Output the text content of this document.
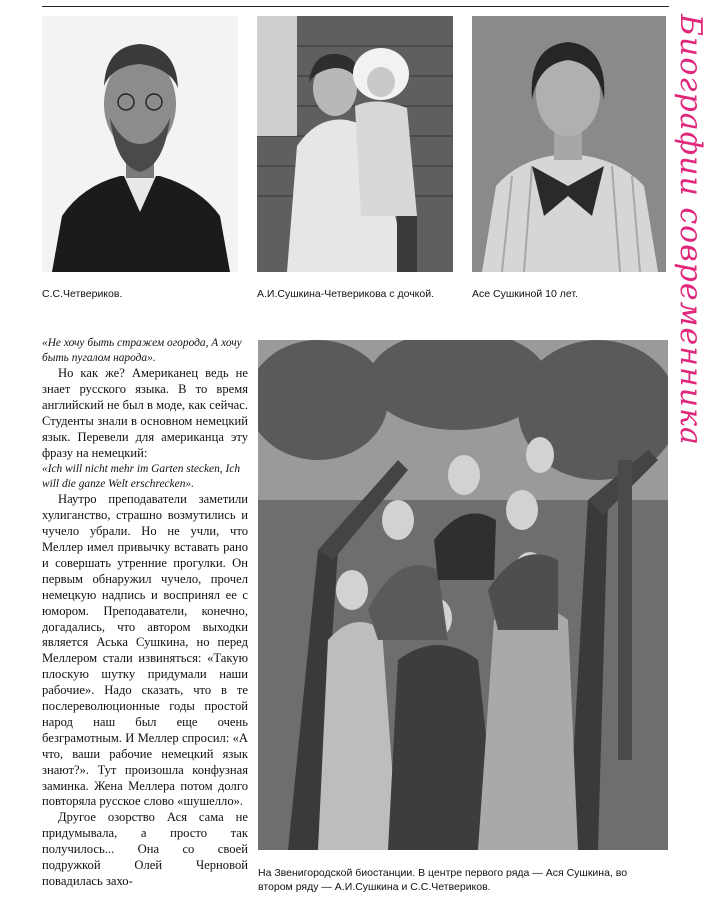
С.С.Четвериков.	А.И.Сушкина-Четверикова с дочкой.	Асе Сушкиной 10 лет.	Биографии современника

«Не хочу быть стражем огорода, А хочу быть пугалом народа».

Но как же? Американец ведь не знает русского языка. В то время английский не был в моде, как сейчас. Студенты знали в основном немецкий язык. Перевели для американца эту фразу на немецкий:

«Ich will nicht mehr im Garten stecken, Ich will die ganze Welt erschrecken».

Наутро преподаватели заметили хулиганство, страшно возмутились и чучело убрали. Но не учли, что Меллер имел привычку вставать рано и совершать утренние прогулки. Он первым обнаружил чучело, прочел немецкую надпись и воспринял ее с юмором. Преподаватели, конечно, догадались, что автором выходки является Аська Сушкина, но перед Меллером стали извиняться: «Такую плоскую шутку придумали наши рабочие». Надо сказать, что в те послереволюционные годы простой народ наш был еще очень безграмотным. И Меллер спросил: «А что, ваши рабочие немецкий язык знают?». Тут произошла конфузная заминка. Жена Меллера потом долго повторяла русское слово «шушелло».

Другое озорство Ася сама не придумывала, а просто так получилось... Она со своей подружкой Олей Черновой повадилась захо-

На Звенигородской биостанции. В центре первого ряда — Ася Сушкина, во втором ряду — А.И.Сушкина и С.С.Четвериков.
